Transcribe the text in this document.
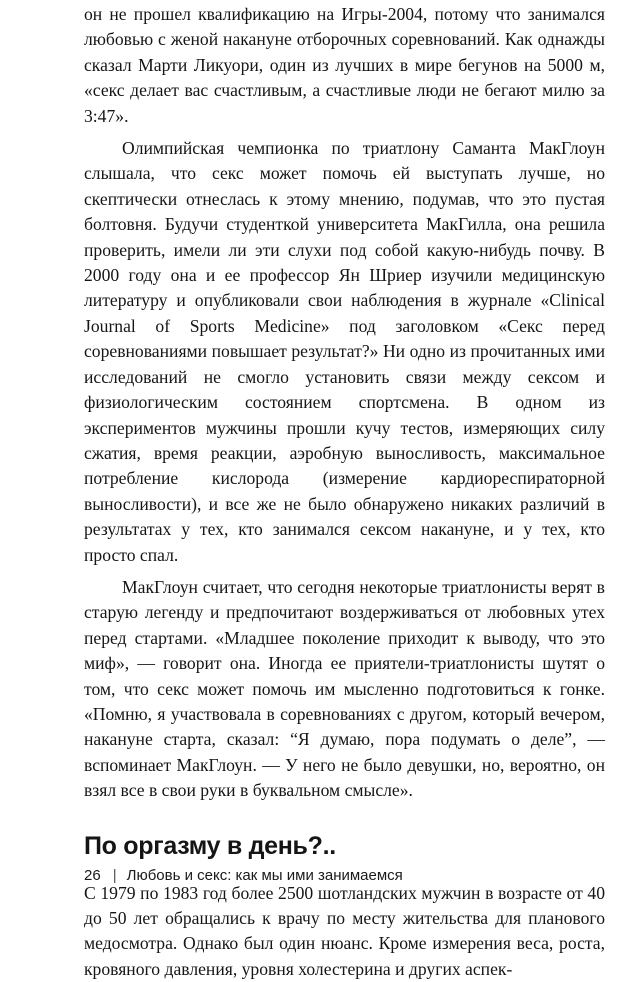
он не прошел квалификацию на Игры-2004, потому что занимался любовью с женой накануне отборочных соревнований. Как однажды сказал Марти Ликуори, один из лучших в мире бегунов на 5000 м, «секс делает вас счастливым, а счастливые люди не бегают милю за 3:47».

Олимпийская чемпионка по триатлону Саманта МакГлоун слышала, что секс может помочь ей выступать лучше, но скептически отнеслась к этому мнению, подумав, что это пустая болтовня. Будучи студенткой университета МакГилла, она решила проверить, имели ли эти слухи под собой какую-нибудь почву. В 2000 году она и ее профессор Ян Шриер изучили медицинскую литературу и опубликовали свои наблюдения в журнале «Clinical Journal of Sports Medicine» под заголовком «Секс перед соревнованиями повышает результат?» Ни одно из прочитанных ими исследований не смогло установить связи между сексом и физиологическим состоянием спортсмена. В одном из экспериментов мужчины прошли кучу тестов, измеряющих силу сжатия, время реакции, аэробную выносливость, максимальное потребление кислорода (измерение кардиореспираторной выносливости), и все же не было обнаружено никаких различий в результатах у тех, кто занимался сексом накануне, и у тех, кто просто спал.

МакГлоун считает, что сегодня некоторые триатлонисты верят в старую легенду и предпочитают воздерживаться от любовных утех перед стартами. «Младшее поколение приходит к выводу, что это миф», — говорит она. Иногда ее приятели-триатлонисты шутят о том, что секс может помочь им мысленно подготовиться к гонке. «Помню, я участвовала в соревнованиях с другом, который вечером, накануне старта, сказал: “Я думаю, пора подумать о деле”, — вспоминает МакГлоун. — У него не было девушки, но, вероятно, он взял все в свои руки в буквальном смысле».

По оргазму в день?..

С 1979 по 1983 год более 2500 шотландских мужчин в возрасте от 40 до 50 лет обращались к врачу по месту жительства для планового медосмотра. Однако был один нюанс. Кроме измерения веса, роста, кровяного давления, уровня холестерина и других аспек-

26 | Любовь и секс: как мы ими занимаемся
